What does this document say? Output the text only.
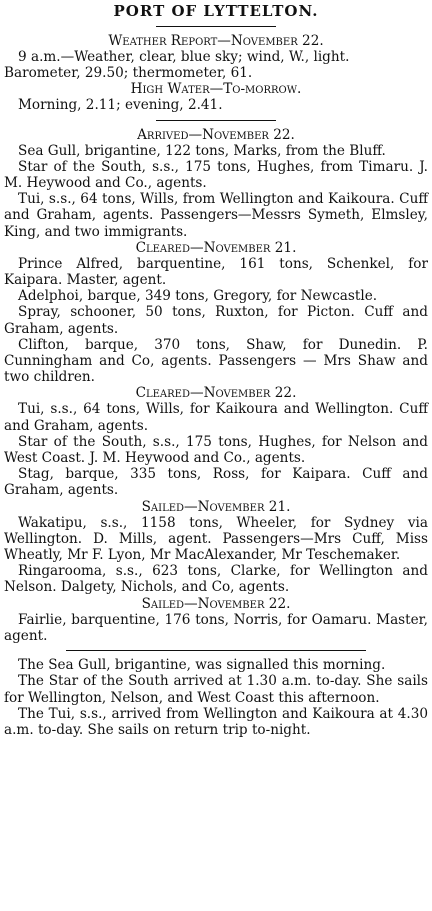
PORT OF LYTTELTON.
Weather Report—November 22.

9 a.m.—Weather, clear, blue sky; wind, W., light.

Barometer, 29.50; thermometer, 61.

High Water—To-morrow.

Morning, 2.11; evening, 2.41.

Arrived—November 22.

Sea Gull, brigantine, 122 tons, Marks, from the Bluff.

Star of the South, s.s., 175 tons, Hughes, from Timaru. J. M. Heywood and Co., agents.

Tui, s.s., 64 tons, Wills, from Wellington and Kaikoura. Cuff and Graham, agents. Passengers—Messrs Symeth, Elmsley, King, and two immigrants.

Cleared—November 21.

Prince Alfred, barquentine, 161 tons, Schenkel, for Kaipara. Master, agent.

Adelphoi, barque, 349 tons, Gregory, for Newcastle.

Spray, schooner, 50 tons, Ruxton, for Picton. Cuff and Graham, agents.

Clifton, barque, 370 tons, Shaw, for Dunedin. P. Cunningham and Co, agents. Passengers — Mrs Shaw and two children.

Cleared—November 22.

Tui, s.s., 64 tons, Wills, for Kaikoura and Wellington. Cuff and Graham, agents.

Star of the South, s.s., 175 tons, Hughes, for Nelson and West Coast. J. M. Heywood and Co., agents.

Stag, barque, 335 tons, Ross, for Kaipara. Cuff and Graham, agents.

Sailed—November 21.

Wakatipu, s.s., 1158 tons, Wheeler, for Sydney via Wellington. D. Mills, agent. Passengers—Mrs Cuff, Miss Wheatly, Mr F. Lyon, Mr MacAlexander, Mr Teschemaker.

Ringarooma, s.s., 623 tons, Clarke, for Wellington and Nelson. Dalgety, Nichols, and Co, agents.

Sailed—November 22.

Fairlie, barquentine, 176 tons, Norris, for Oamaru. Master, agent.

The Sea Gull, brigantine, was signalled this morning.

The Star of the South arrived at 1.30 a.m. to-day. She sails for Wellington, Nelson, and West Coast this afternoon.

The Tui, s.s., arrived from Wellington and Kaikoura at 4.30 a.m. to-day. She sails on return trip to-night.
